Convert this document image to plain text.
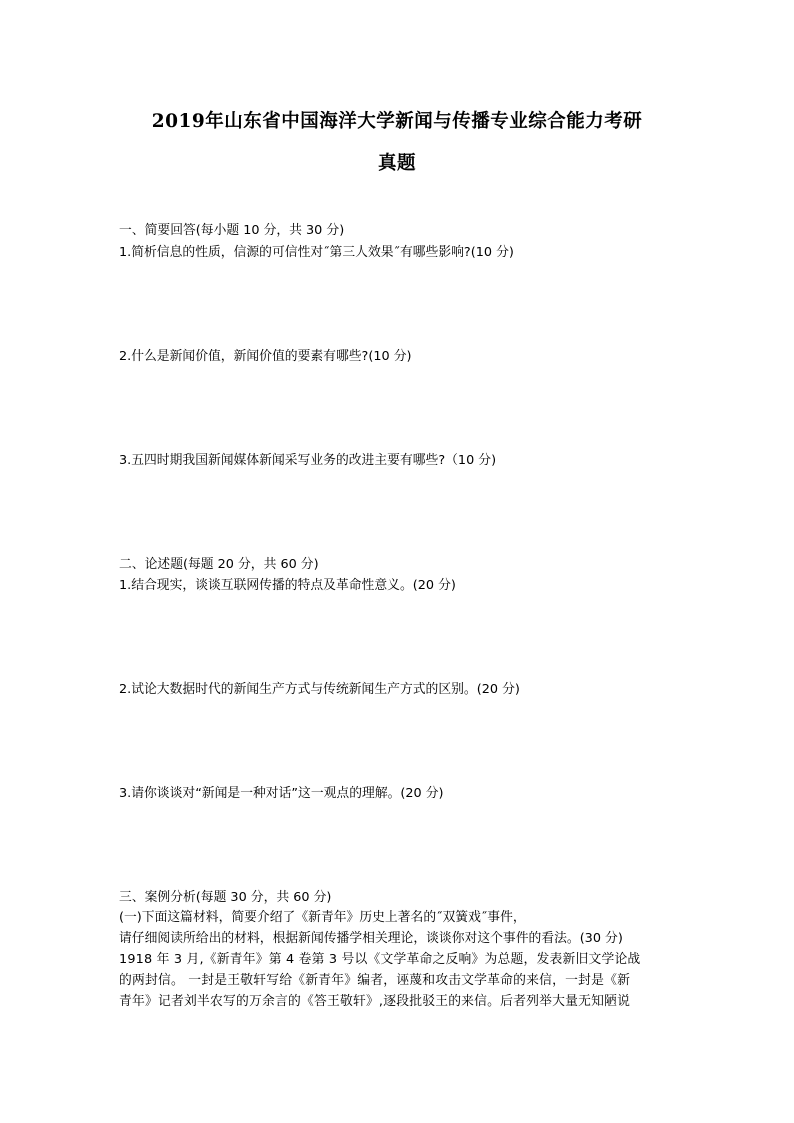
2019年山东省中国海洋大学新闻与传播专业综合能力考研
真题
一、简要回答(每小题 10 分，共 30 分)
1.简析信息的性质，信源的可信性对˝第三人效果˝有哪些影响?(10 分)
2.什么是新闻价值，新闻价值的要素有哪些?(10 分)
3.五四时期我国新闻媒体新闻采写业务的改进主要有哪些?（10 分)
二、论述题(每题 20 分，共 60 分)
1.结合现实，谈谈互联网传播的特点及革命性意义。(20 分)
2.试论大数据时代的新闻生产方式与传统新闻生产方式的区别。(20 分)
3.请你谈谈对“新闻是一种对话”这一观点的理解。(20 分)
三、案例分析(每题 30 分，共 60 分)
(一)下面这篇材料，简要介绍了《新青年》历史上著名的˝双簧戏˝事件，
请仔细阅读所给出的材料，根据新闻传播学相关理论，谈谈你对这个事件的看法。(30 分)
1918 年 3 月,《新青年》第 4 卷第 3 号以《文学革命之反响》为总题，发表新旧文学论战
的两封信。 一封是王敬轩写给《新青年》编者，诬蔑和攻击文学革命的来信，一封是《新
青年》记者刘半农写的万余言的《答王敬轩》,逐段批驳王的来信。后者列举大量无知陋说
